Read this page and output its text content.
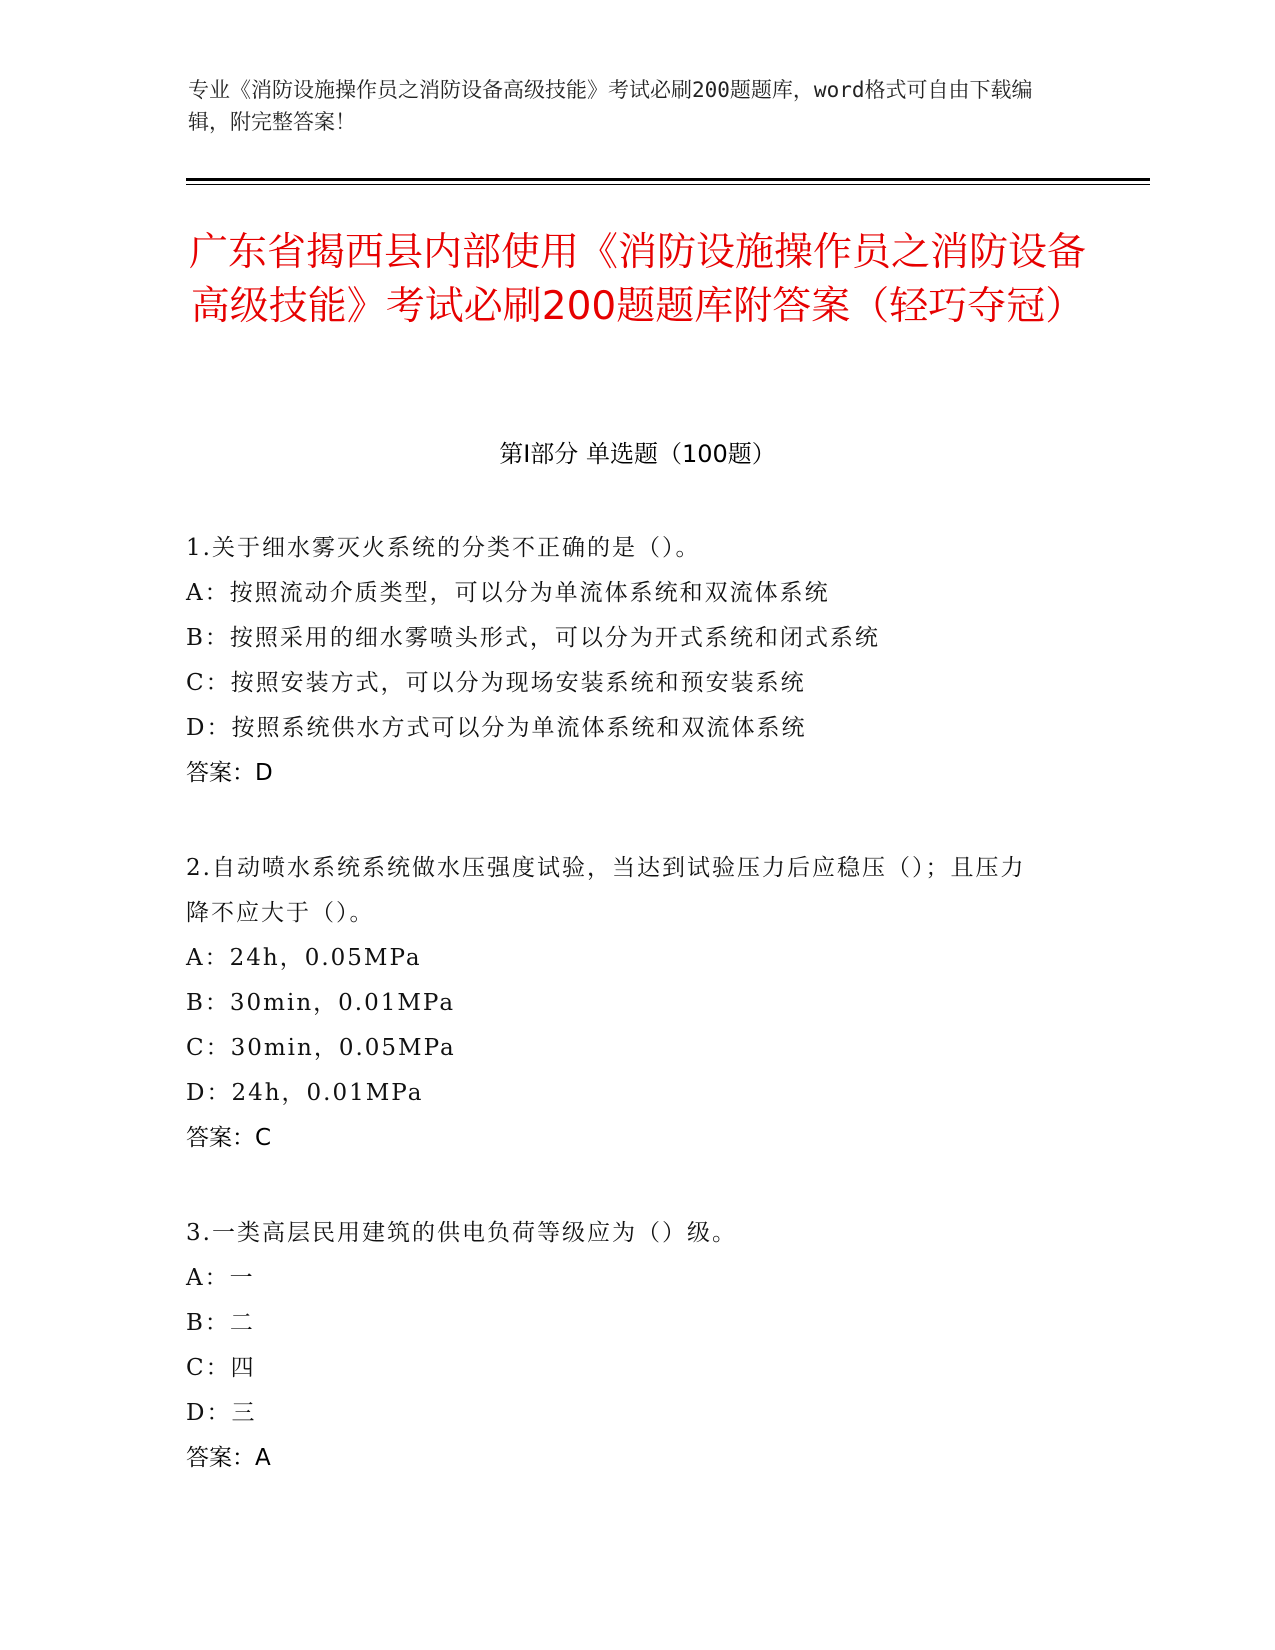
专业《消防设施操作员之消防设备高级技能》考试必刷200题题库，word格式可自由下载编辑，附完整答案！
广东省揭西县内部使用《消防设施操作员之消防设备高级技能》考试必刷200题题库附答案（轻巧夺冠）
第Ⅰ部分 单选题（100题）
1.关于细水雾灭火系统的分类不正确的是（）。
A：按照流动介质类型，可以分为单流体系统和双流体系统
B：按照采用的细水雾喷头形式，可以分为开式系统和闭式系统
C：按照安装方式，可以分为现场安装系统和预安装系统
D：按照系统供水方式可以分为单流体系统和双流体系统
答案：D
2.自动喷水系统系统做水压强度试验，当达到试验压力后应稳压（）；且压力降不应大于（）。
A：24h，0.05MPa
B：30min，0.01MPa
C：30min，0.05MPa
D：24h，0.01MPa
答案：C
3.一类高层民用建筑的供电负荷等级应为（）级。
A：一
B：二
C：四
D：三
答案：A
